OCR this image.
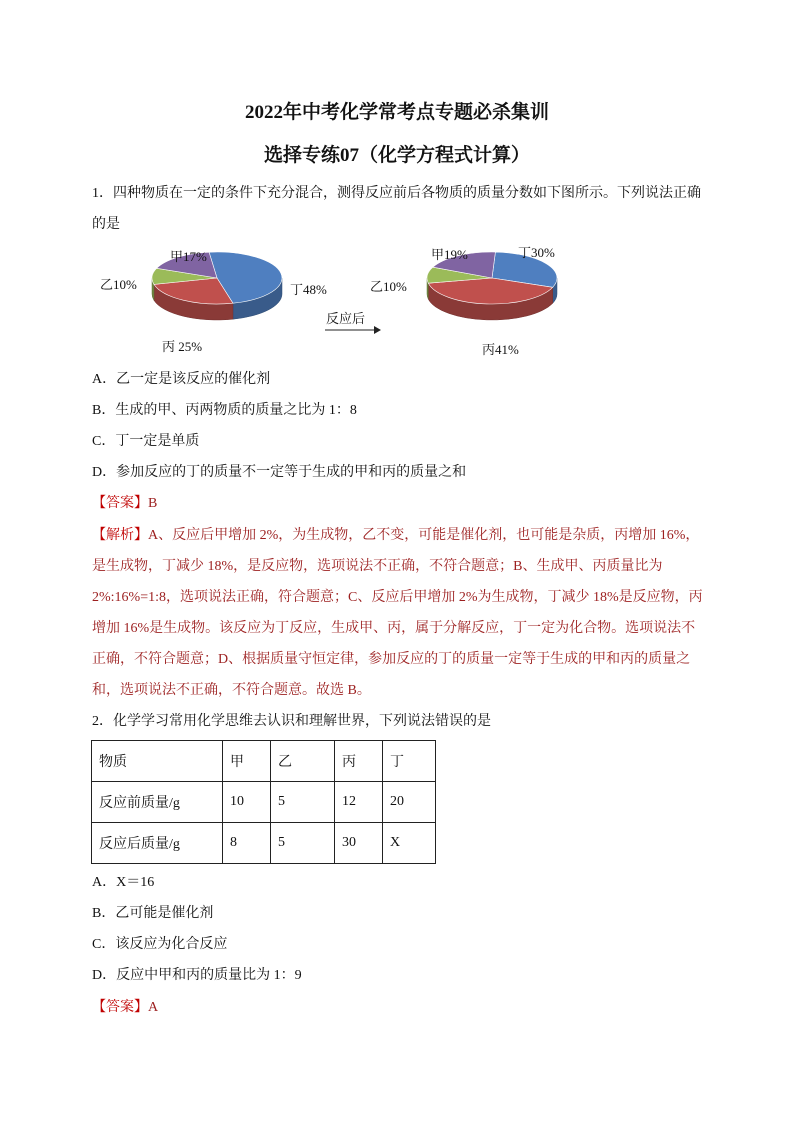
2022年中考化学常考点专题必杀集训
选择专练07（化学方程式计算）
1．四种物质在一定的条件下充分混合，测得反应前后各物质的质量分数如下图所示。下列说法正确
的是
丁48%
丙 25%
乙10%
甲17%	丁30%
丙41%
乙10%
甲19%
反应后
A．乙一定是该反应的催化剂
B．生成的甲、丙两物质的质量之比为 1：8
C．丁一定是单质
D．参加反应的丁的质量不一定等于生成的甲和丙的质量之和
【答案】B
【解析】A、反应后甲增加 2%，为生成物，乙不变，可能是催化剂，也可能是杂质，丙增加 16%，
是生成物，丁减少 18%，是反应物，选项说法不正确，不符合题意；B、生成甲、丙质量比为
2%:16%=1:8，选项说法正确，符合题意；C、反应后甲增加 2%为生成物，丁减少 18%是反应物，丙
增加 16%是生成物。该反应为丁反应，生成甲、丙，属于分解反应，丁一定为化合物。选项说法不
正确，不符合题意；D、根据质量守恒定律，参加反应的丁的质量一定等于生成的甲和丙的质量之
和，选项说法不正确，不符合题意。故选 B。
2．化学学习常用化学思维去认识和理解世界，下列说法错误的是
物质	甲	乙	丙	丁
反应前质量/g	10	5	12	20
反应后质量/g	8	5	30	X
A．X＝16
B．乙可能是催化剂
C．该反应为化合反应
D．反应中甲和丙的质量比为 1：9
【答案】A
